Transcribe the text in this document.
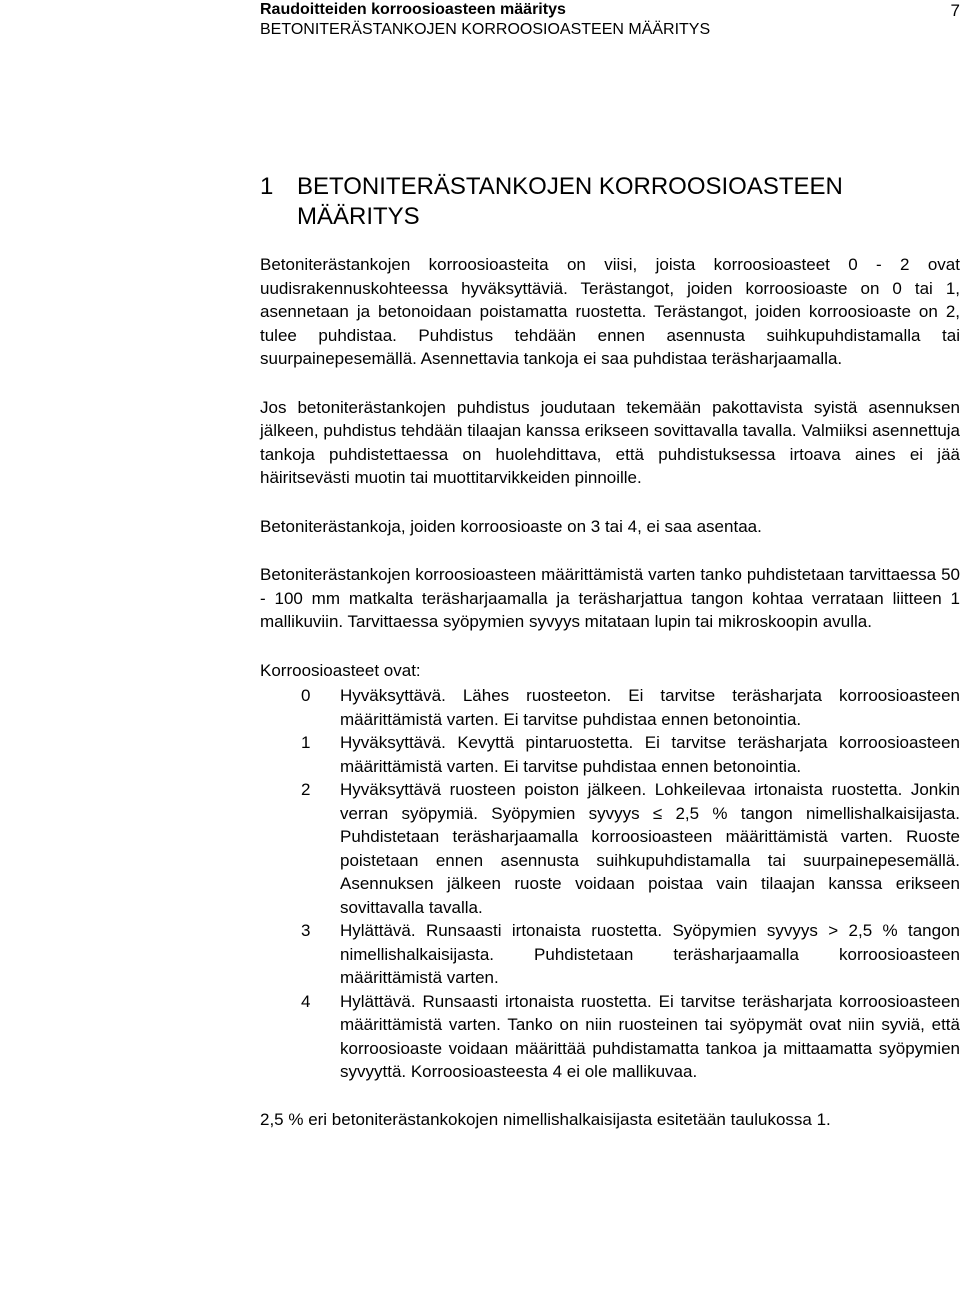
Raudoitteiden korroosioasteen määritys
BETONITERÄSTANKOJEN KORROOSIOASTEEN MÄÄRITYS
7
1 BETONITERÄSTANKOJEN KORROOSIOASTEEN MÄÄRITYS

Betoniterästankojen korroosioasteita on viisi, joista korroosioasteet 0 - 2 ovat uudisrakennuskohteessa hyväksyttäviä. Terästangot, joiden korroosioaste on 0 tai 1, asennetaan ja betonoidaan poistamatta ruostetta. Terästangot, joiden korroosioaste on 2, tulee puhdistaa. Puhdistus tehdään ennen asennusta suihkupuhdistamalla tai suurpainepesemällä. Asennettavia tankoja ei saa puhdistaa teräsharjaamalla.

Jos betoniterästankojen puhdistus joudutaan tekemään pakottavista syistä asennuksen jälkeen, puhdistus tehdään tilaajan kanssa erikseen sovittavalla tavalla. Valmiiksi asennettuja tankoja puhdistettaessa on huolehdittava, että puhdistuksessa irtoava aines ei jää häiritsevästi muotin tai muottitarvikkeiden pinnoille.

Betoniterästankoja, joiden korroosioaste on 3 tai 4, ei saa asentaa.

Betoniterästankojen korroosioasteen määrittämistä varten tanko puhdistetaan tarvittaessa 50 - 100 mm matkalta teräsharjaamalla ja teräsharjattua tangon kohtaa verrataan liitteen 1 mallikuviin. Tarvittaessa syöpymien syvyys mitataan lupin tai mikroskoopin avulla.

Korroosioasteet ovat:

0 Hyväksyttävä. Lähes ruosteeton. Ei tarvitse teräsharjata korroosioasteen määrittämistä varten. Ei tarvitse puhdistaa ennen betonointia.
1 Hyväksyttävä. Kevyttä pintaruostetta. Ei tarvitse teräsharjata korroosioasteen määrittämistä varten. Ei tarvitse puhdistaa ennen betonointia.
2 Hyväksyttävä ruosteen poiston jälkeen. Lohkeilevaa irtonaista ruostetta. Jonkin verran syöpymiä. Syöpymien syvyys ≤ 2,5 % tangon nimellishalkaisijasta. Puhdistetaan teräsharjaamalla korroosioasteen määrittämistä varten. Ruoste poistetaan ennen asennusta suihkupuhdistamalla tai suurpainepesemällä. Asennuksen jälkeen ruoste voidaan poistaa vain tilaajan kanssa erikseen sovittavalla tavalla.
3 Hylättävä. Runsaasti irtonaista ruostetta. Syöpymien syvyys > 2,5 % tangon nimellishalkaisijasta. Puhdistetaan teräsharjaamalla korroosioasteen määrittämistä varten.
4 Hylättävä. Runsaasti irtonaista ruostetta. Ei tarvitse teräsharjata korroosioasteen määrittämistä varten. Tanko on niin ruosteinen tai syöpymät ovat niin syviä, että korroosioaste voidaan määrittää puhdistamatta tankoa ja mittaamatta syöpymien syvyyttä. Korroosioasteesta 4 ei ole mallikuvaa.

2,5 % eri betoniterästankokojen nimellishalkaisijasta esitetään taulukossa 1.
